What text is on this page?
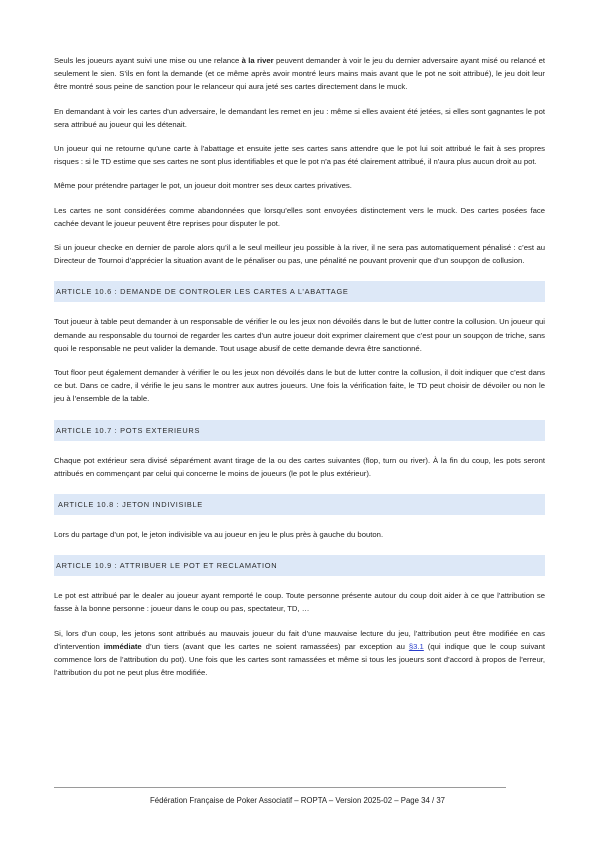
Seuls les joueurs ayant suivi une mise ou une relance à la river peuvent demander à voir le jeu du dernier adversaire ayant misé ou relancé et seulement le sien. S’ils en font la demande (et ce même après avoir montré leurs mains mais avant que le pot ne soit attribué), le jeu doit leur être montré sous peine de sanction pour le relanceur qui aura jeté ses cartes directement dans le muck.

En demandant à voir les cartes d'un adversaire, le demandant les remet en jeu : même si elles avaient été jetées, si elles sont gagnantes le pot sera attribué au joueur qui les détenait.

Un joueur qui ne retourne qu'une carte à l'abattage et ensuite jette ses cartes sans attendre que le pot lui soit attribué le fait à ses propres risques : si le TD estime que ses cartes ne sont plus identifiables et que le pot n'a pas été clairement attribué, il n'aura plus aucun droit au pot.

Même pour prétendre partager le pot, un joueur doit montrer ses deux cartes privatives.

Les cartes ne sont considérées comme abandonnées que lorsqu’elles sont envoyées distinctement vers le muck. Des cartes posées face cachée devant le joueur peuvent être reprises pour disputer le pot.

Si un joueur checke en dernier de parole alors qu’il a le seul meilleur jeu possible à la river, il ne sera pas automatiquement pénalisé : c’est au Directeur de Tournoi d’apprécier la situation avant de le pénaliser ou pas, une pénalité ne pouvant provenir que d’un soupçon de collusion.

ARTICLE 10.6 : DEMANDE DE CONTROLER LES CARTES A L’ABATTAGE

Tout joueur à table peut demander à un responsable de vérifier le ou les jeux non dévoilés dans le but de lutter contre la collusion. Un joueur qui demande au responsable du tournoi de regarder les cartes d'un autre joueur doit exprimer clairement que c’est pour un soupçon de triche, sans quoi le responsable ne peut valider la demande. Tout usage abusif de cette demande devra être sanctionné.

Tout floor peut également demander à vérifier le ou les jeux non dévoilés dans le but de lutter contre la collusion, il doit indiquer que c’est dans ce but. Dans ce cadre, il vérifie le jeu sans le montrer aux autres joueurs. Une fois la vérification faite, le TD peut choisir de dévoiler ou non le jeu à l’ensemble de la table.

ARTICLE 10.7 : POTS EXTERIEURS

Chaque pot extérieur sera divisé séparément avant tirage de la ou des cartes suivantes (flop, turn ou river). À la fin du coup, les pots seront attribués en commençant par celui qui concerne le moins de joueurs (le pot le plus extérieur).

ARTICLE 10.8 : JETON INDIVISIBLE

Lors du partage d’un pot, le jeton indivisible va au joueur en jeu le plus près à gauche du bouton.

ARTICLE 10.9 : ATTRIBUER LE POT ET RECLAMATION

Le pot est attribué par le dealer au joueur ayant remporté le coup. Toute personne présente autour du coup doit aider à ce que l’attribution se fasse à la bonne personne : joueur dans le coup ou pas, spectateur, TD, …

Si, lors d’un coup, les jetons sont attribués au mauvais joueur du fait d’une mauvaise lecture du jeu, l’attribution peut être modifiée en cas d’intervention immédiate d’un tiers (avant que les cartes ne soient ramassées) par exception au §3.1 (qui indique que le coup suivant commence lors de l’attribution du pot). Une fois que les cartes sont ramassées et même si tous les joueurs sont d’accord à propos de l’erreur, l’attribution du pot ne peut plus être modifiée.

Fédération Française de Poker Associatif – ROPTA – Version 2025-02 – Page 34 / 37
